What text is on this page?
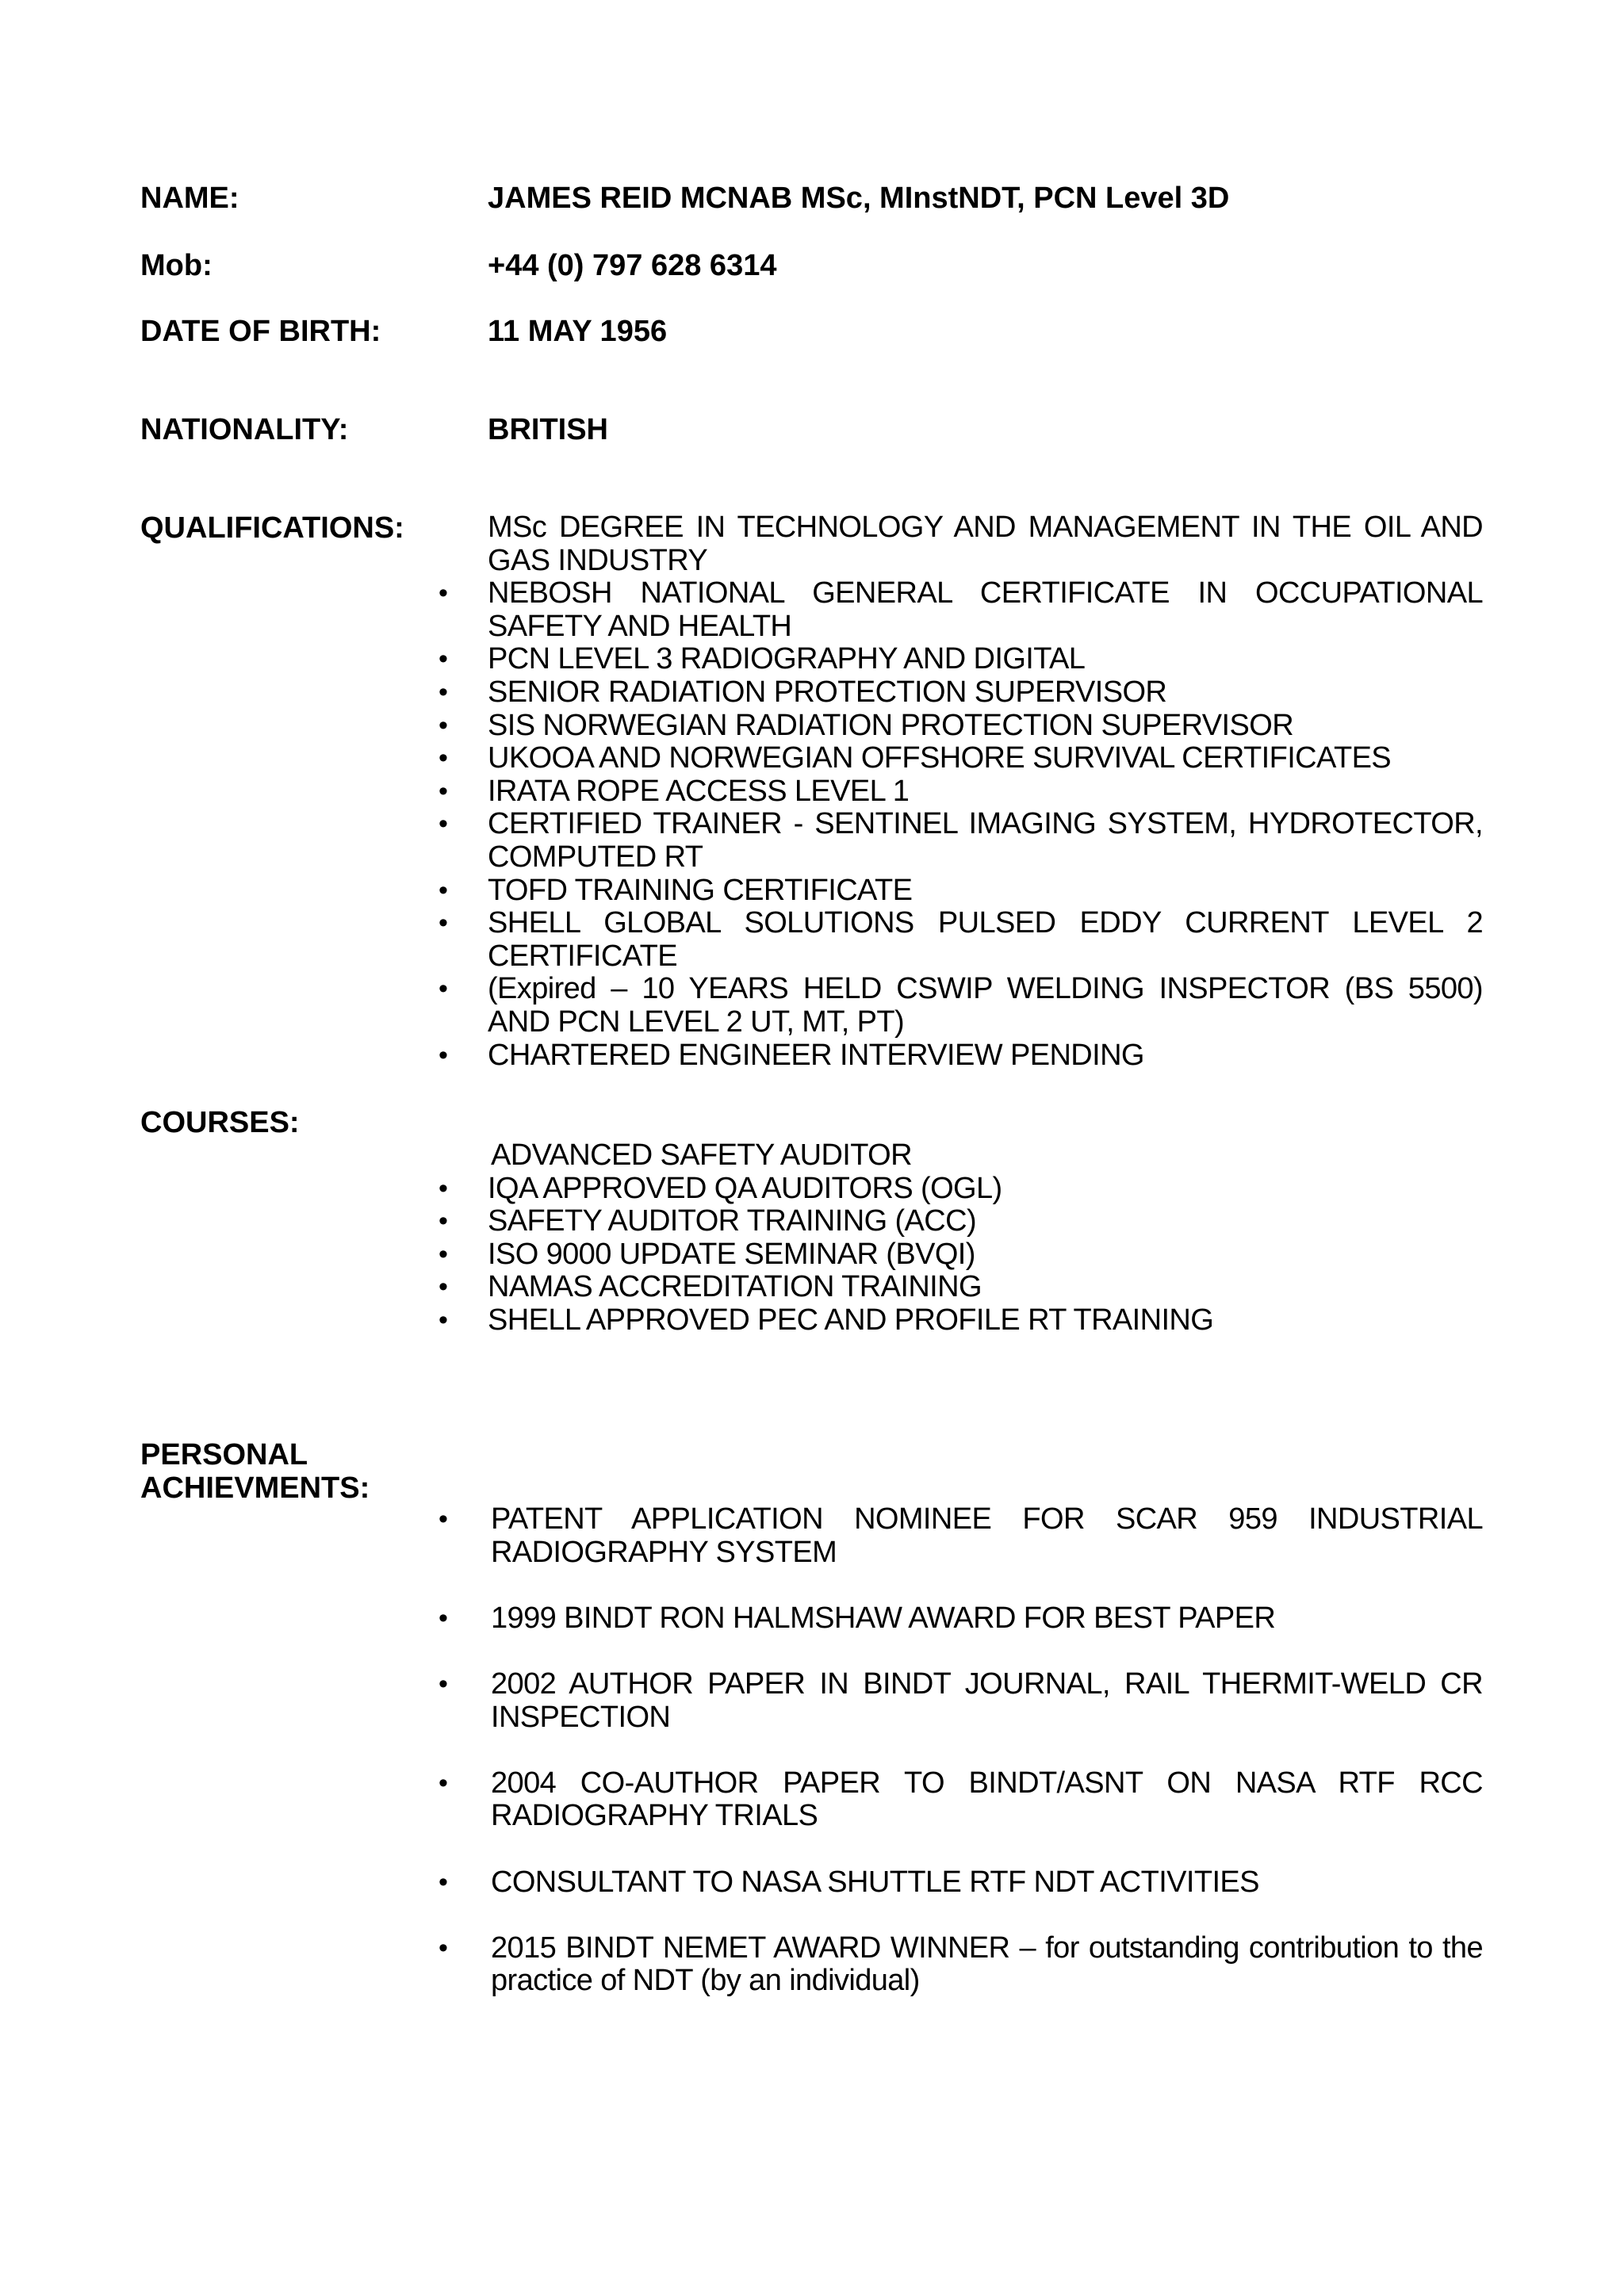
NAME:	JAMES REID MCNAB MSc, MInstNDT, PCN Level 3D
Mob:	+44 (0) 797 628 6314
DATE OF BIRTH:	11 MAY 1956
NATIONALITY:	BRITISH
QUALIFICATIONS:	MSc DEGREE IN TECHNOLOGY AND MANAGEMENT IN THE OIL AND GAS INDUSTRY
• NEBOSH NATIONAL GENERAL CERTIFICATE IN OCCUPATIONAL SAFETY AND HEALTH
• PCN LEVEL 3 RADIOGRAPHY AND DIGITAL
• SENIOR RADIATION PROTECTION SUPERVISOR
• SIS NORWEGIAN RADIATION PROTECTION SUPERVISOR
• UKOOA AND NORWEGIAN OFFSHORE SURVIVAL CERTIFICATES
• IRATA ROPE ACCESS LEVEL 1
• CERTIFIED TRAINER - SENTINEL IMAGING SYSTEM, HYDROTECTOR, COMPUTED RT
• TOFD TRAINING CERTIFICATE
• SHELL GLOBAL SOLUTIONS PULSED EDDY CURRENT LEVEL 2 CERTIFICATE
• (Expired – 10 YEARS HELD CSWIP WELDING INSPECTOR (BS 5500) AND PCN LEVEL 2 UT, MT, PT)
• CHARTERED ENGINEER INTERVIEW PENDING
COURSES:
ADVANCED SAFETY AUDITOR
• IQA APPROVED QA AUDITORS (OGL)
• SAFETY AUDITOR TRAINING (ACC)
• ISO 9000 UPDATE SEMINAR (BVQI)
• NAMAS ACCREDITATION TRAINING
• SHELL APPROVED PEC AND PROFILE RT TRAINING
PERSONAL
ACHIEVMENTS:
• PATENT APPLICATION NOMINEE FOR SCAR 959 INDUSTRIAL RADIOGRAPHY SYSTEM
• 1999 BINDT RON HALMSHAW AWARD FOR BEST PAPER
• 2002 AUTHOR PAPER IN BINDT JOURNAL, RAIL THERMIT-WELD CR INSPECTION
• 2004 CO-AUTHOR PAPER TO BINDT/ASNT ON NASA RTF RCC RADIOGRAPHY TRIALS
• CONSULTANT TO NASA SHUTTLE RTF NDT ACTIVITIES
• 2015 BINDT NEMET AWARD WINNER – for outstanding contribution to the practice of NDT (by an individual)
